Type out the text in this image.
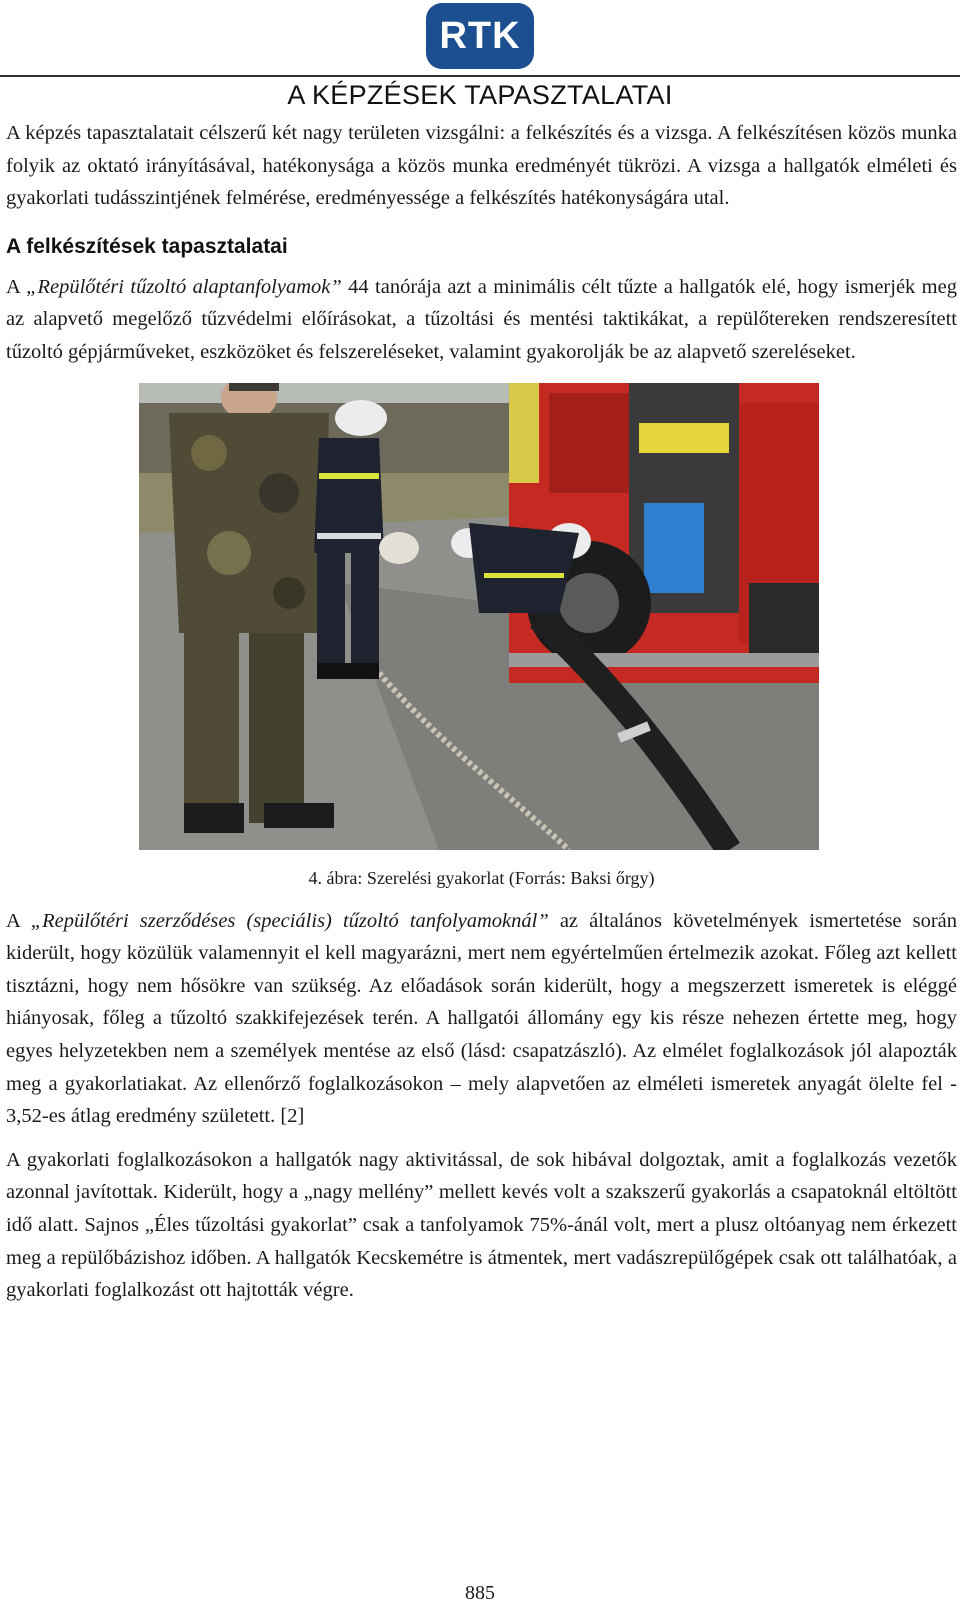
RTK
A KÉPZÉSEK TAPASZTALATAI

A képzés tapasztalatait célszerű két nagy területen vizsgálni: a felkészítés és a vizsga. A felkészítésen közös munka folyik az oktató irányításával, hatékonysága a közös munka eredményét tükrözi. A vizsga a hallgatók elméleti és gyakorlati tudásszintjének felmérése, eredményessége a felkészítés hatékonyságára utal.

A felkészítések tapasztalatai

A „Repülőtéri tűzoltó alaptanfolyamok” 44 tanórája azt a minimális célt tűzte a hallgatók elé, hogy ismerjék meg az alapvető megelőző tűzvédelmi előírásokat, a tűzoltási és mentési taktikákat, a repülőtereken rendszeresített tűzoltó gépjárműveket, eszközöket és felszereléseket, valamint gyakorolják be az alapvető szereléseket.

4. ábra: Szerelési gyakorlat (Forrás: Baksi őrgy)

A „Repülőtéri szerződéses (speciális) tűzoltó tanfolyamoknál” az általános követelmények ismertetése során kiderült, hogy közülük valamennyit el kell magyarázni, mert nem egyértelműen értelmezik azokat. Főleg azt kellett tisztázni, hogy nem hősökre van szükség. Az előadások során kiderült, hogy a megszerzett ismeretek is eléggé hiányosak, főleg a tűzoltó szakkifejezések terén. A hallgatói állomány egy kis része nehezen értette meg, hogy egyes helyzetekben nem a személyek mentése az első (lásd: csapatzászló). Az elmélet foglalkozások jól alapozták meg a gyakorlatiakat. Az ellenőrző foglalkozásokon – mely alapvetően az elméleti ismeretek anyagát ölelte fel - 3,52-es átlag eredmény született. [2]

A gyakorlati foglalkozásokon a hallgatók nagy aktivitással, de sok hibával dolgoztak, amit a foglalkozás vezetők azonnal javítottak. Kiderült, hogy a „nagy mellény” mellett kevés volt a szakszerű gyakorlás a csapatoknál eltöltött idő alatt. Sajnos „Éles tűzoltási gyakorlat” csak a tanfolyamok 75%-ánál volt, mert a plusz oltóanyag nem érkezett meg a repülőbázishoz időben. A hallgatók Kecskemétre is átmentek, mert vadászrepülőgépek csak ott találhatóak, a gyakorlati foglalkozást ott hajtották végre.

885
